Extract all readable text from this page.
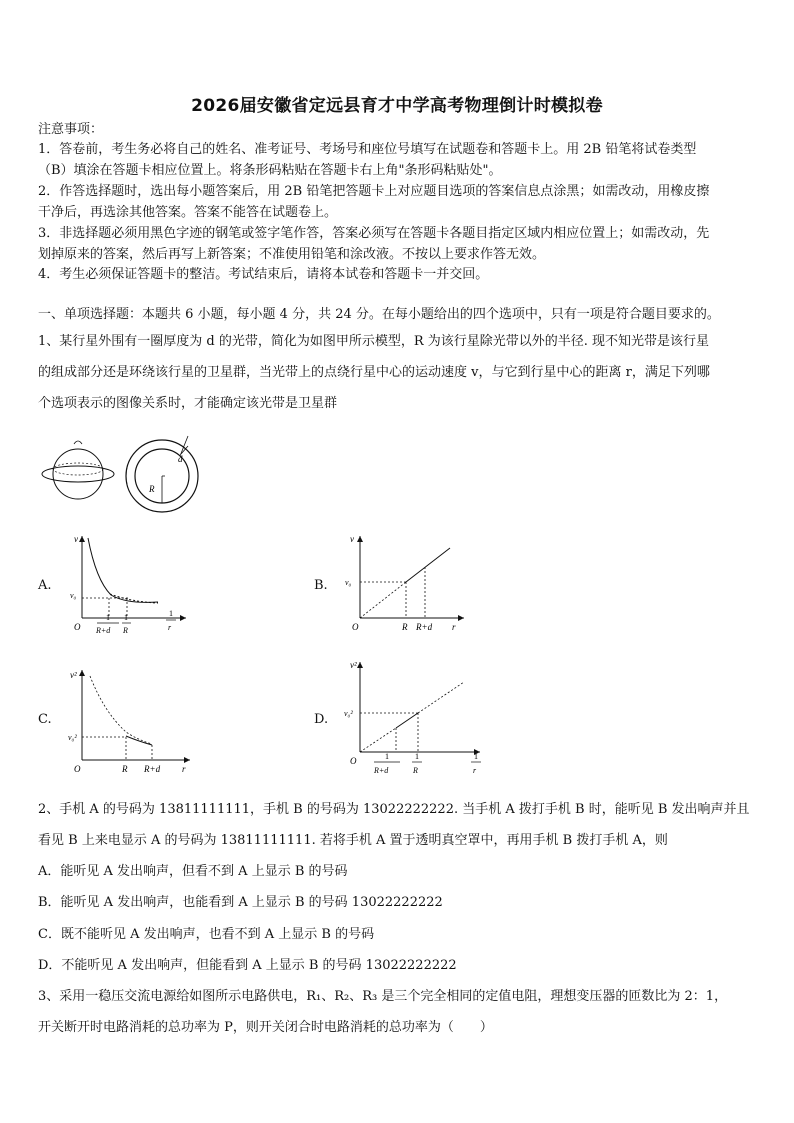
2026届安徽省定远县育才中学高考物理倒计时模拟卷
注意事项：
1．答卷前，考生务必将自己的姓名、准考证号、考场号和座位号填写在试题卷和答题卡上。用 2B 铅笔将试卷类型
（B）填涂在答题卡相应位置上。将条形码粘贴在答题卡右上角"条形码粘贴处"。
2．作答选择题时，选出每小题答案后，用 2B 铅笔把答题卡上对应题目选项的答案信息点涂黑；如需改动，用橡皮擦
干净后，再选涂其他答案。答案不能答在试题卷上。
3．非选择题必须用黑色字迹的钢笔或签字笔作答，答案必须写在答题卡各题目指定区域内相应位置上；如需改动，先
划掉原来的答案，然后再写上新答案；不准使用铅笔和涂改液。不按以上要求作答无效。
4．考生必须保证答题卡的整洁。考试结束后，请将本试卷和答题卡一并交回。
一、单项选择题：本题共 6 小题，每小题 4 分，共 24 分。在每小题给出的四个选项中，只有一项是符合题目要求的。
1、某行星外围有一圈厚度为 d 的光带，简化为如图甲所示模型，R 为该行星除光带以外的半径. 现不知光带是该行星
的组成部分还是环绕该行星的卫星群，当光带上的点绕行星中心的运动速度 v，与它到行星中心的距离 r，满足下列哪
个选项表示的图像关系时，才能确定该光带是卫星群
d
R
A.
v
v₀
O
1
R+d
1
R
1
r
B.
v
v₀
O	R R+d r
C.
v²
v₀²
O	R R+d r
D.
v²
v₀²
O	1
R+d
1
R
1
r
2、手机 A 的号码为 13811111111，手机 B 的号码为 13022222222. 当手机 A 拨打手机 B 时，能听见 B 发出响声并且
看见 B 上来电显示 A 的号码为 13811111111. 若将手机 A 置于透明真空罩中，再用手机 B 拨打手机 A，则
A．能听见 A 发出响声，但看不到 A 上显示 B 的号码
B．能听见 A 发出响声，也能看到 A 上显示 B 的号码 13022222222
C．既不能听见 A 发出响声，也看不到 A 上显示 B 的号码
D．不能听见 A 发出响声，但能看到 A 上显示 B 的号码 13022222222
3、采用一稳压交流电源给如图所示电路供电，R₁、R₂、R₃ 是三个完全相同的定值电阻，理想变压器的匝数比为 2：1，
开关断开时电路消耗的总功率为 P，则开关闭合时电路消耗的总功率为（　　）
